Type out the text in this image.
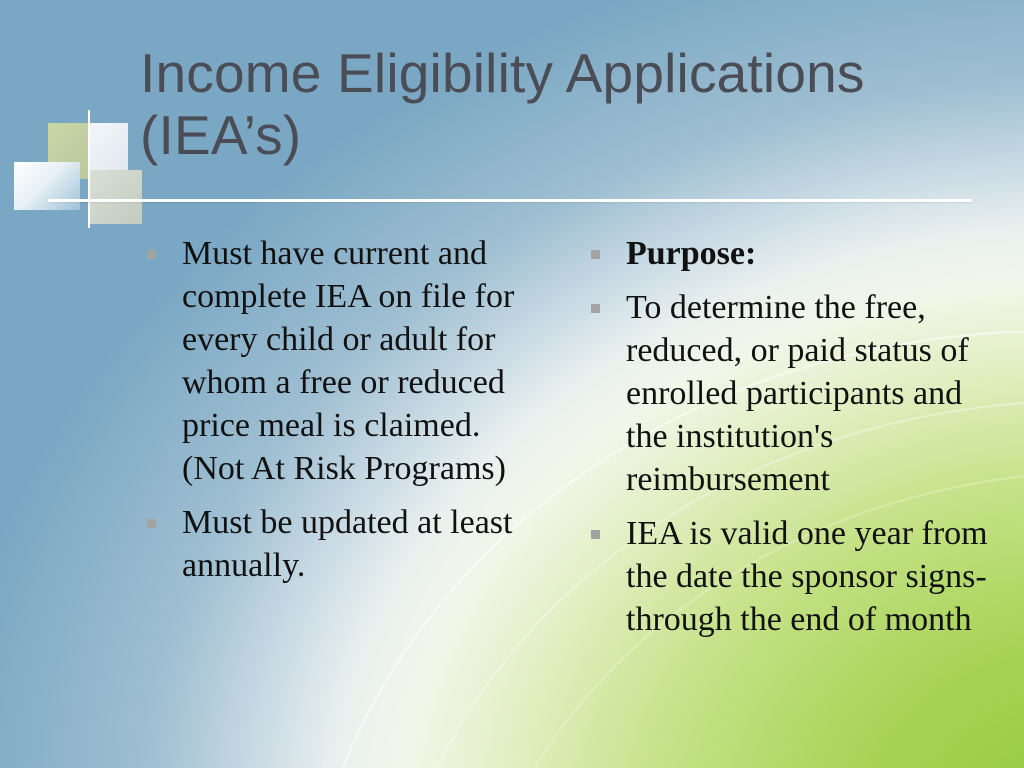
Income Eligibility Applications
(IEA’s)
Must have current and complete IEA on file for every child or adult for whom a free or reduced price meal is claimed. (Not At Risk Programs)
Must be updated at least annually.
Purpose:
To determine the free, reduced, or paid status of enrolled participants and the institution's reimbursement
IEA is valid one year from the date the sponsor signs- through the end of month
